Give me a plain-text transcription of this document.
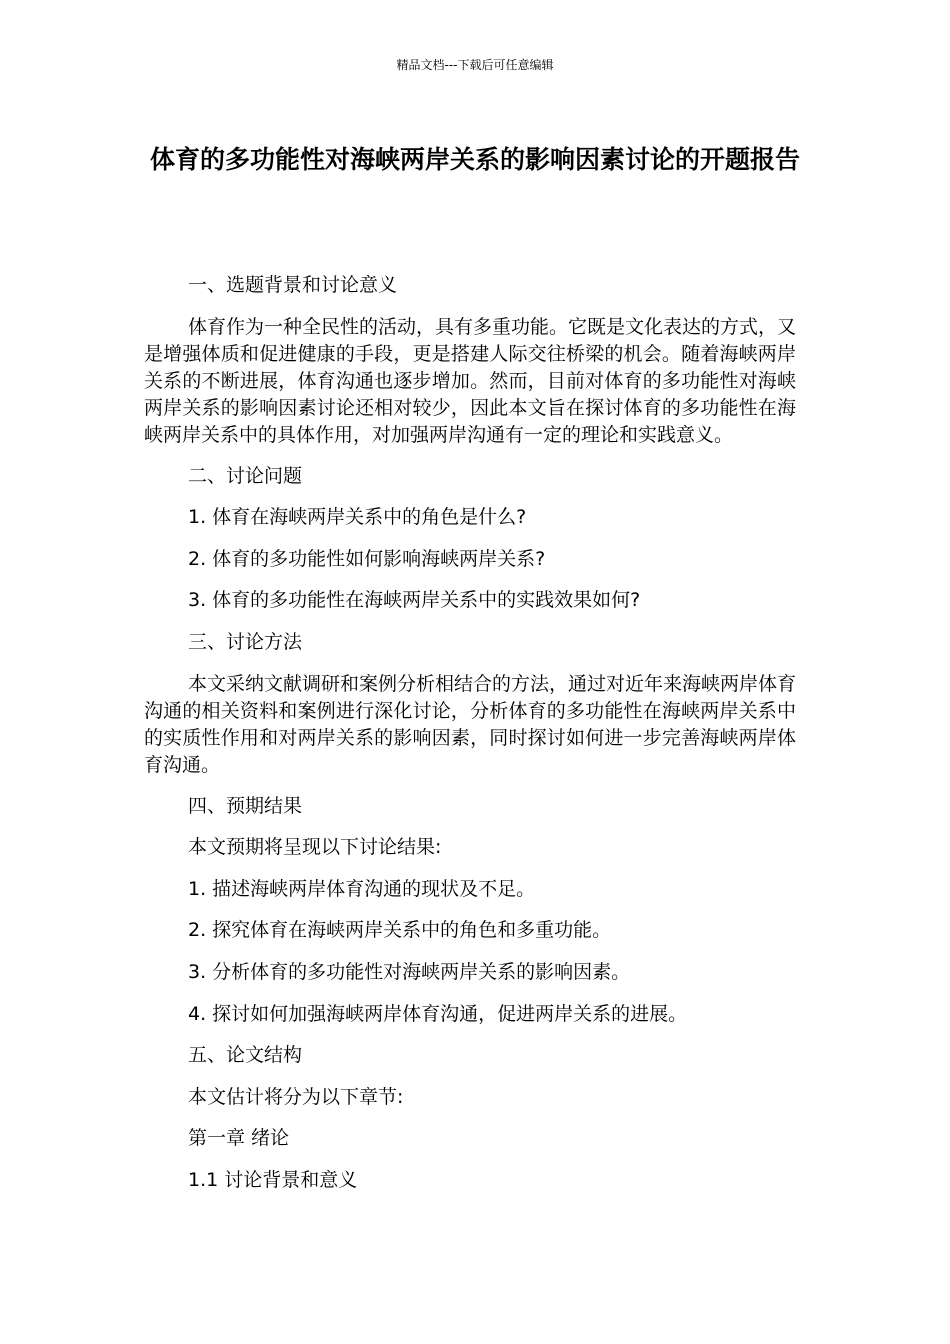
精品文档---下载后可任意编辑
体育的多功能性对海峡两岸关系的影响因素讨论的开题报告

一、选题背景和讨论意义

体育作为一种全民性的活动，具有多重功能。它既是文化表达的方式，又是增强体质和促进健康的手段，更是搭建人际交往桥梁的机会。随着海峡两岸关系的不断进展，体育沟通也逐步增加。然而，目前对体育的多功能性对海峡两岸关系的影响因素讨论还相对较少，因此本文旨在探讨体育的多功能性在海峡两岸关系中的具体作用，对加强两岸沟通有一定的理论和实践意义。

二、讨论问题

1. 体育在海峡两岸关系中的角色是什么?

2. 体育的多功能性如何影响海峡两岸关系?

3. 体育的多功能性在海峡两岸关系中的实践效果如何?

三、讨论方法

本文采纳文献调研和案例分析相结合的方法，通过对近年来海峡两岸体育沟通的相关资料和案例进行深化讨论，分析体育的多功能性在海峡两岸关系中的实质性作用和对两岸关系的影响因素，同时探讨如何进一步完善海峡两岸体育沟通。

四、预期结果

本文预期将呈现以下讨论结果:

1. 描述海峡两岸体育沟通的现状及不足。

2. 探究体育在海峡两岸关系中的角色和多重功能。

3. 分析体育的多功能性对海峡两岸关系的影响因素。

4. 探讨如何加强海峡两岸体育沟通，促进两岸关系的进展。

五、论文结构

本文估计将分为以下章节:

第一章 绪论

1.1 讨论背景和意义
